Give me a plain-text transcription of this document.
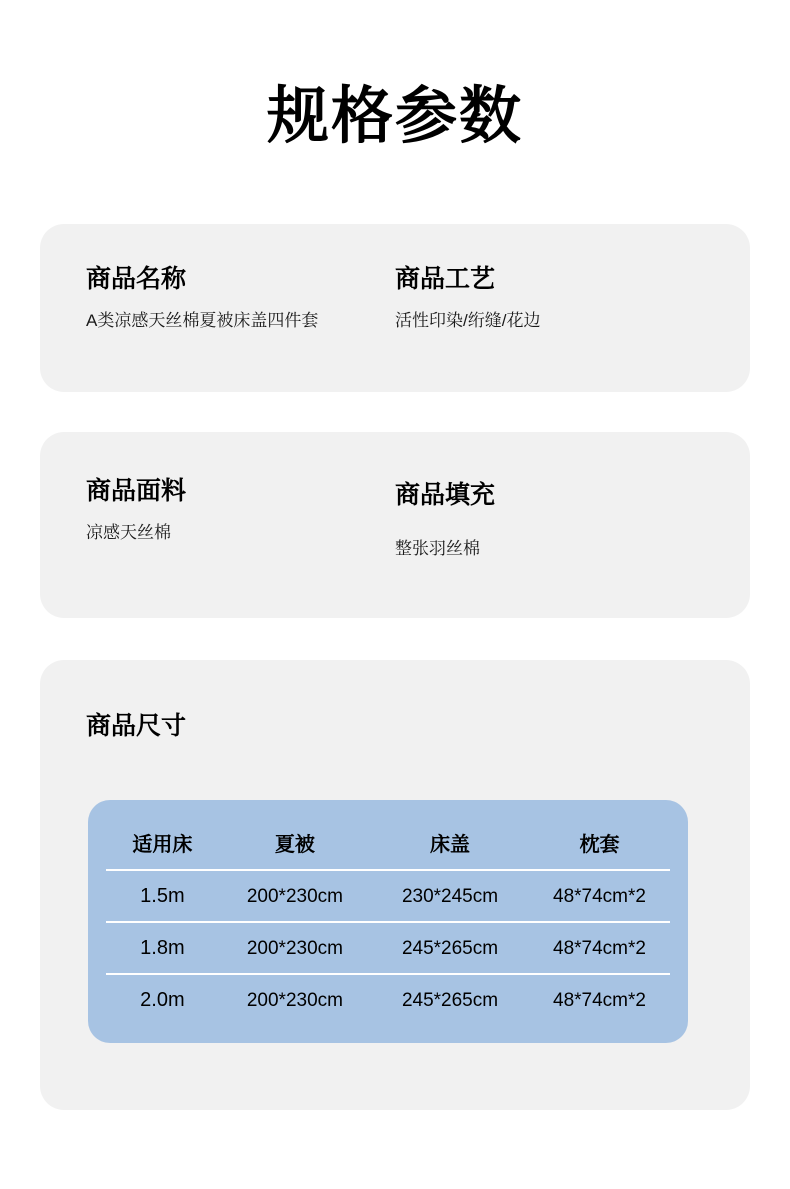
规格参数
商品名称
A类凉感天丝棉夏被床盖四件套
商品工艺
活性印染/绗缝/花边
商品面料
凉感天丝棉
商品填充
整张羽丝棉
商品尺寸
适用床	夏被	床盖	枕套
1.5m	200*230cm	230*245cm	48*74cm*2
1.8m	200*230cm	245*265cm	48*74cm*2
2.0m	200*230cm	245*265cm	48*74cm*2
